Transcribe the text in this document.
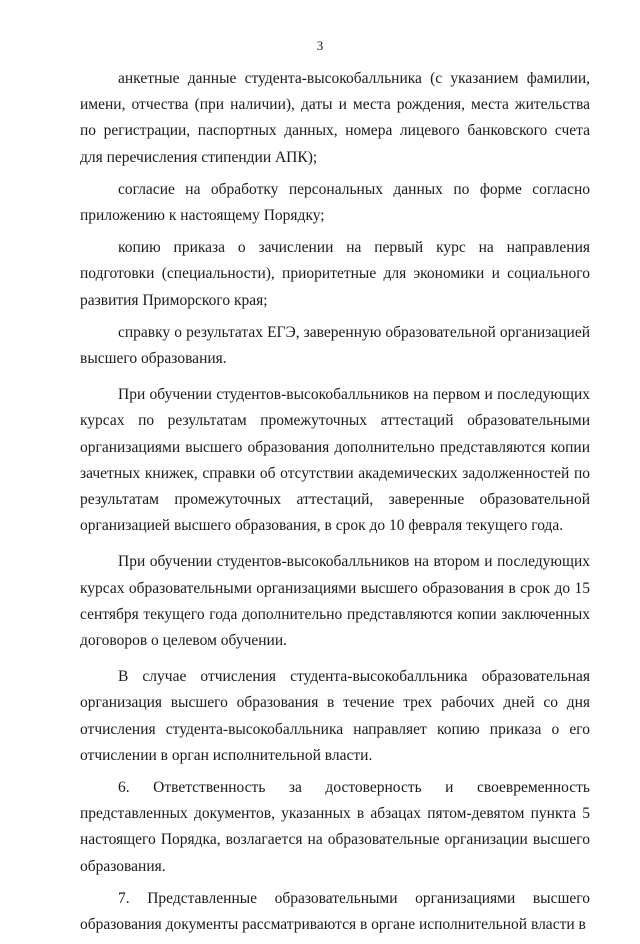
3

анкетные данные студента-высокобалльника (с указанием фамилии, имени, отчества (при наличии), даты и места рождения, места жительства по регистрации, паспортных данных, номера лицевого банковского счета для перечисления стипендии АПК);

согласие на обработку персональных данных по форме согласно приложению к настоящему Порядку;

копию приказа о зачислении на первый курс на направления подготовки (специальности), приоритетные для экономики и социального развития Приморского края;

справку о результатах ЕГЭ, заверенную образовательной организацией высшего образования.

При обучении студентов-высокобалльников на первом и последующих курсах по результатам промежуточных аттестаций образовательными организациями высшего образования дополнительно представляются копии зачетных книжек, справки об отсутствии академических задолженностей по результатам промежуточных аттестаций, заверенные образовательной организацией высшего образования, в срок до 10 февраля текущего года.

При обучении студентов-высокобалльников на втором и последующих курсах образовательными организациями высшего образования в срок до 15 сентября текущего года дополнительно представляются копии заключенных договоров о целевом обучении.

В случае отчисления студента-высокобалльника образовательная организация высшего образования в течение трех рабочих дней со дня отчисления студента-высокобалльника направляет копию приказа о его отчислении в орган исполнительной власти.

6. Ответственность за достоверность и своевременность представленных документов, указанных в абзацах пятом-девятом пункта 5 настоящего Порядка, возлагается на образовательные организации высшего образования.

7. Представленные образовательными организациями высшего образования документы рассматриваются в органе исполнительной власти в
